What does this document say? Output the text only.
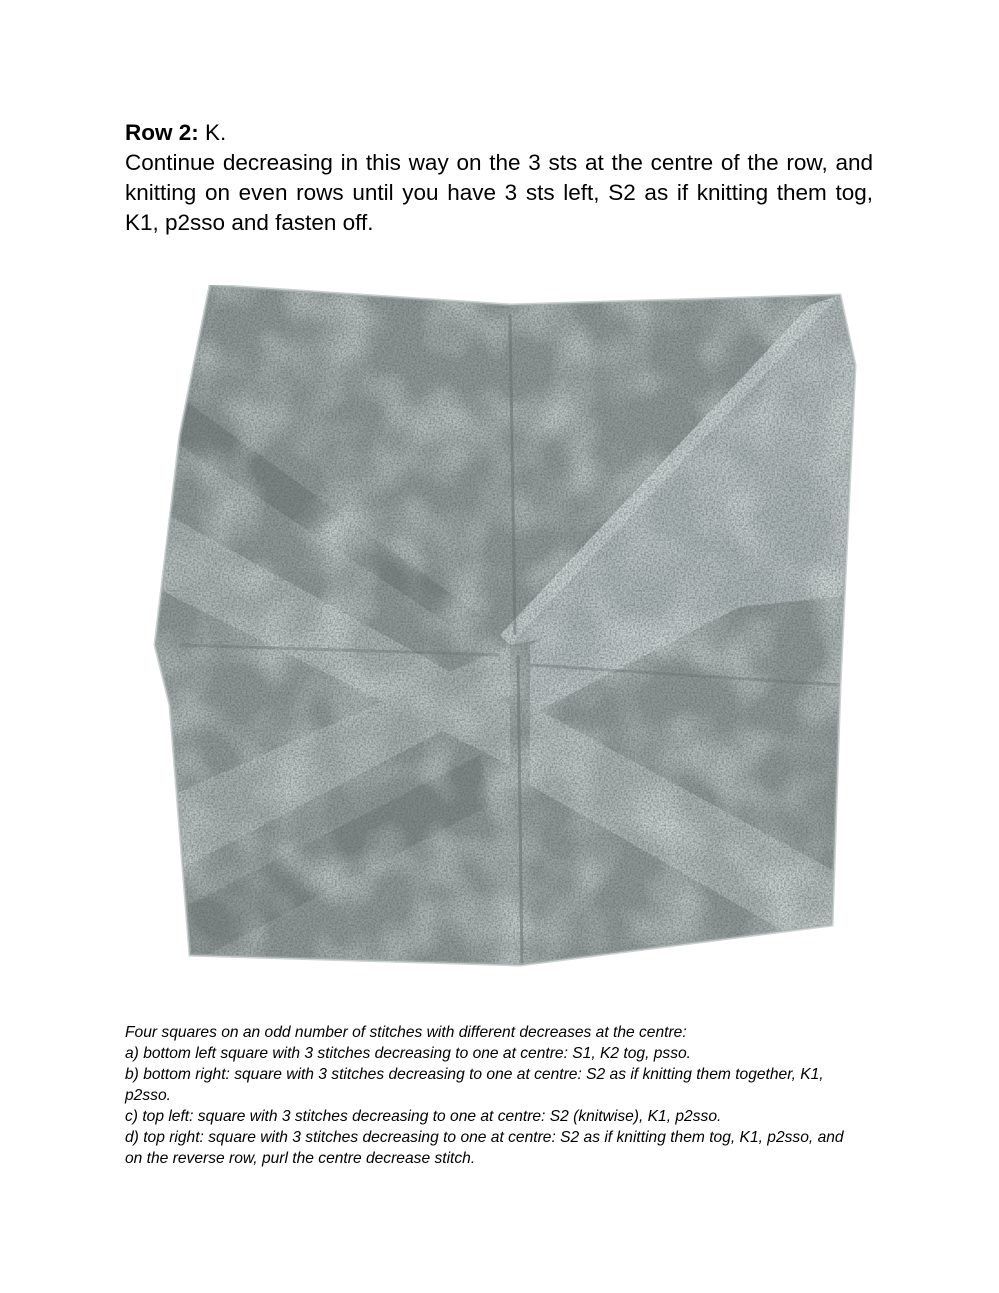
Row 2: K.

Continue decreasing in this way on the 3 sts at the centre of the row, and knitting on even rows until you have 3 sts left, S2 as if knitting them tog, K1, p2sso and fasten off.

Four squares on an odd number of stitches with different decreases at the centre:

a) bottom left square with 3 stitches decreasing to one at centre: S1, K2 tog, psso.

b) bottom right: square with 3 stitches decreasing to one at centre: S2 as if knitting them together, K1, p2sso.

c) top left: square with 3 stitches decreasing to one at centre: S2 (knitwise), K1, p2sso.

d) top right: square with 3 stitches decreasing to one at centre: S2 as if knitting them tog, K1, p2sso, and on the reverse row, purl the centre decrease stitch.
